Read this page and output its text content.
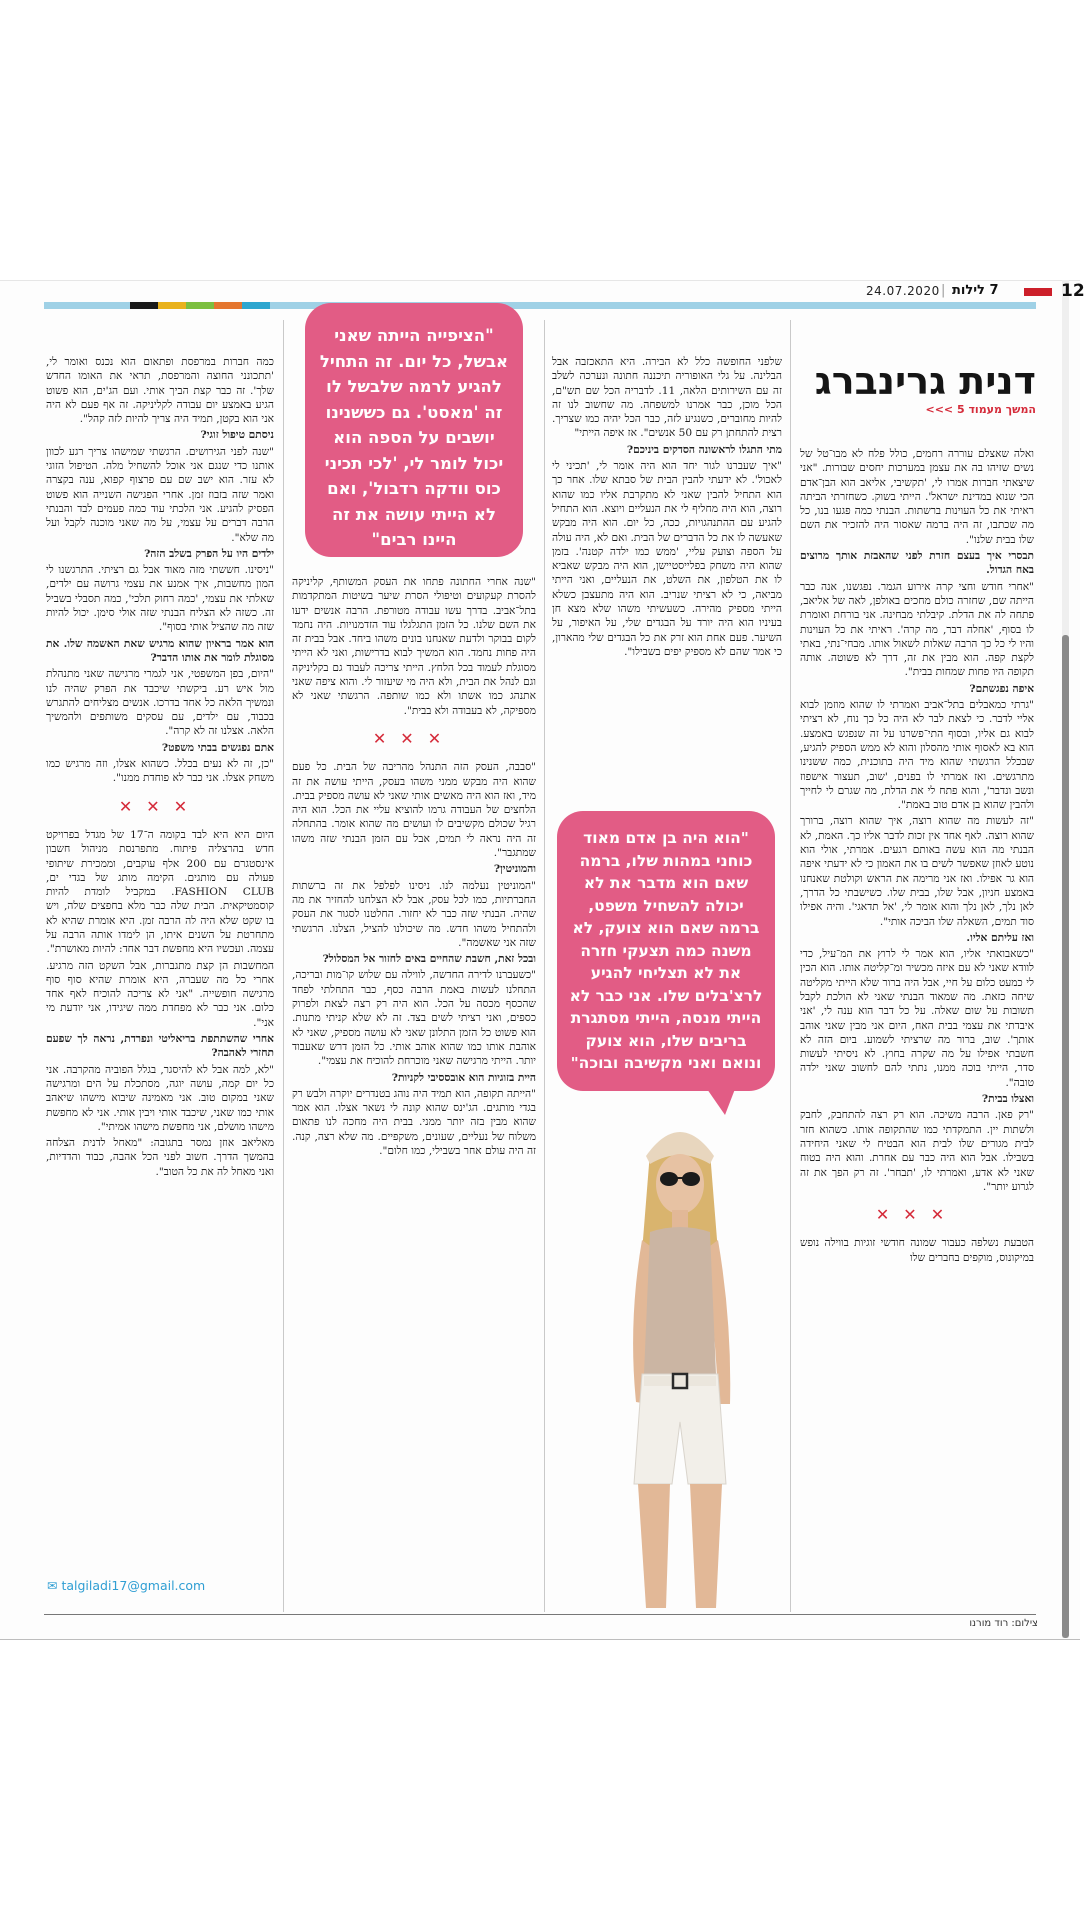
24.07.2020 | 7 לילות	12
דנית גרינברג
המשך מעמוד 5 >>>

ואלה שאצלם עוררה רחמים, כולל פלח לא מבו־טל של נשים שזיהו בה את עצמן במערכות יחסים שבורות. "אני שיצאתי חברות אמרו לי, 'תקשיבי, אליאב הוא הבן־אדם הכי שנוא במדינת ישראל'. הייתי בשוק. כשחזרתי הביתה ראיתי את כל העוינות ברשתות. הבנתי כמה פגעו בנו, כל מה שכתבו, זה היה ברמה שאסור היה להזכיר את השם שלו בבית שלנו".

תבסרי איך בעצם חזרת לפני שהאבזת אותך מרוצים באח הגדול.

"אחרי חודש וחצי קרה אירוע הגמר. נפגשנו, אנה כבר הייתה שם, שחזרה כולם מחכים באולפן, לאה של אליאב, פתחה לה את הדלת. קיבלתי מבחינה. אני בורחת ואומרת לו בסוף, 'אחלה דבר, מה קרה'. ראיתי את כל העוינות והיו לי כל כך הרבה שאלות לשאול אותו. מבחי־נתי, באתי לקצת קפה. הוא מבין את זה, דרך לא פשוטה. אותה תקופה היו פחות שמחות בבית".

איפה נפגשתם?

"גרתי כמאבלים בתל־אביב ואמרתי לו שהוא מוזמן לבוא אליי לדבר. כי לצאת לבר לא היה כל כך נוח, לא רציתי לבוא גם אליו, ובסוף התי־פשרנו על זה שנפגש באמצע. הוא בא לאסוף אותי מהסלון והוא לא ממש הספיק להגיע, שבכלל הרגשתי שהוא מיד היה בתוכנית, כמה ששנינו מתרגשים. ואז אמרתי לו בפנים, 'שוב, תעצור אישפוז ונשב ונדבר', והוא פתח לי את הדלת, מה שגרם לי לחייך ולהבין שהוא בן אדם טוב באמת".

"זה לעשות מה שהוא רוצה, איך שהוא רוצה, ברורך שהוא רוצה. לאף אחד אין זכות לדבר אליו כך. האמת, לא הבנתי מה הוא עשה באותם רגעים. אמרתי, אולי הוא נוטע לאוזן שאפשר לשים בו את האמון כי לא ידעתי איפה הוא גר אפילו. ואז אני מרימה את הראש וקולטת שאנחנו באמצע חניון, אבל שלו, בבית שלו. כשישבתי כל הדרך, לאן נלך, לאן נלך והוא אומר לי, 'אל תדאגי'. והיה אפילו סוד תמים, השאלה שלו הביכה אותי".

ואז עליתם אליו.

"כשאבואתי אליו, הוא אמר לי לרוץ את המ־עיל, כדי לוודא שאני לא עם איזה מכשיר ומ־קליטה אותו. הוא הכין לי כמעט כלום על חיי, אבל היה ברור שלא הייתי מקליטה שיחה כזאת. מה שמאוד הבנתי שאני לא הולכת לקבל תשובות על שום שאלה. על כל דבר הוא ענה לי, 'אני איבדתי את עצמי בבית האח, היום אני מבין שאני אוהב אותך'. שוב, ברור מה שרציתי לשמוע. ביום הזה לא חשבתי אפילו על מה שקרה בחוץ. לא ניסיתי לעשות סדר, הייתי בוכה ממנו, נתתי להם לחשוב שאני ילדה טובה".

ואצלו בבית?

"רק פאן. הרבה משיכה. הוא רק רצה להתחבק, לחבק ולשתות יין. התמקדתי כמו שהתקופה אותו. כשהוא חזר לבית מגורים שלו לבית הוא הבטיח לי שאני היחידה בשבילו. אבל הוא היה כבר עם אחרת. והוא היה בטוח שאני לא אדע, ואמרתי לו, 'תבחר'. זה רק הפך את זה לגרוע יותר".

✕✕✕

הטבעת נשלפה כעבור שמונה חודשי זוגיות בווילה נופש במיקונוס, מוקפים בחברים שלו

שלפני החופשה כלל לא הבירה. היא התאכזבה אבל הבלינה. על גלי האופוריה תיכננה חתונה ונערכה לשלב זה עם השירותים הלאה, 11. לדבריה הכל שם תש"ם, הכל מוכן, כבר אמרנו למשפחה. מה שחשוב לנו זה להיות מחוברים, כשנגיע לזה, כבר הכל יהיה כמו שצריך. רצית להתחתן רק עם 50 אנשים". אז איפה הייתי"

מתי התגלו לראשונה הסדקים ביניכם?

"איך שעברנו לגור יחד הוא היה אומר לי, 'תכיני לי לאכול'. לא ידעתי להבין הבית של סבתא שלו. אחר כך הוא התחיל להבין שאני לא מתקרבת אליו כמו שהוא רוצה, הוא היה מחליף לי את הנעליים ויוצא. הוא התחיל להגיע עם ההתנהגויות, ככה, כל יום. הוא היה מבקש שאעשה לו את כל הדברים של הבית. ואם לא, היה עולה על הספה וצועק עליי, 'ממש כמו ילדה קטנה'. בזמן שהוא היה משחק בפלייסטיישן, הוא היה מבקש שאביא לו את הטלפון, את השלט, את הנעליים, ואני הייתי מביאה, כי לא רציתי שנריב. הוא היה מתעצבן כשלא הייתי מספיק מהירה. כשעשיתי משהו שלא מצא חן בעיניו הוא היה יורד על הבגדים שלי, על האיפור, על השיער. פעם אחת הוא זרק את כל הבגדים שלי מהארון, כי אמר שהם לא מספיק יפים בשבילו".

"שנה אחרי החתונה פתחו את העסק המשותף, קליניקה להסרת קעקועים וטיפולי הסרת שיער בשיטות המתקדמות בתל־אביב. בדרך עשו עבודה מטורפת. הרבה אנשים ידעו את השם שלנו. כל הזמן התגלגלו עוד הזדמנויות. היה נחמד לקום בבוקר ולדעת שאנחנו בונים משהו ביחד. אבל בבית זה היה פחות נחמד. הוא המשיך לבוא בדרישות, ואני לא הייתי מסוגלת לעמוד בכל הלחץ. הייתי צריכה לעבוד גם בקליניקה וגם לנהל את הבית, ולא היה מי שיעזור לי. והוא ציפה שאני אתנהג כמו אשתו ולא כמו שותפה. הרגשתי שאני לא מספיקה, לא בעבודה ולא בבית".

✕✕✕

"סבבה, העסק הזה התנהל מהריבה של הבית. כל פעם שהוא היה מבקש ממני משהו בעסק, הייתי עושה את זה מיד, ואז הוא היה מאשים אותי שאני לא עושה מספיק בבית. הלחצים של העבודה גרמו להוציא עליי את הכל. הוא היה רגיל שכולם מקשיבים לו ועושים מה שהוא אומר. בהתחלה זה היה נראה לי תמים, אבל עם הזמן הבנתי שזה משהו שמתגבר".

והמוניטין?

"המוניטין נעלמה לנו. ניסינו לפלפל את זה ברשתות החברתיות, כמו לכל עסק, אבל לא הצלחנו להחזיר את מה שהיה. הבנתי שזה כבר לא יחזור. החלטנו לסגור את העסק ולהתחיל משהו חדש. מה שיכולנו להציל, הצלנו. הרגשתי שזה אני שאשמה".

ובכל זאת, חשבת שהחיים באים לחזור אל המסלול?

"כשעברנו לדירה החדשה, לווילה עם שלוש קו־מות ובריכה, התחלנו לעשות באמת הרבה כסף, כבר התחלתי לפחד שהכסף מכסה על הכל. הוא היה רק רצה לצאת ולפרוק כספים, ואני רציתי לשים בצד. זה לא שלא קניתי מתנות. הוא פשוט כל הזמן התלונן שאני לא עושה מספיק, שאני לא אוהבת אותו כמו שהוא אוהב אותי. כל הזמן דרש שאעבוד יותר. הייתי מרגישה שאני מוכרחת להוכיח את עצמי".

היית בזוגיות הוא אובססיבי לקניות?

"הייתה תקופה, הוא תמיד היה נוהג בטנדרים יוקרה ולבש רק בגדי מותגים. הג'ינס שהוא קונה לי נשאר אצלו. הוא אמר שהוא מבין בזה יותר ממני. בבית היה מחכה לנו פתאום משלוח של נעליים, שעונים, משקפיים. מה שלא רצה, קנה. זה היה עולם אחר בשבילי, כמו חלום".

כמה חברות במרפסת ופתאום הוא נכנס ואומר לי, 'תתכונני החוצה והמרפסת, תראי את האומו החדש שלך'. זה כבר קצת הביך אותי. ועם הג'ים, הוא פשוט הגיע באמצע יום עבודה לקליניקה. זה אף פעם לא היה אני הוא בקטן, תמיד היה צריך להיות לזה קהל".

ניסתם טיפול זוגי?

"שנה לפני הגירושים. הרגשתי שמישהו צריך רגע לכוון אותנו כדי שנגם אני אוכל להשחיל מלה. הטיפול הזוגי לא עזר. הוא ישב שם עם פרצוף קפוא, ענה בקצרה ואמר שזה בזבוז זמן. אחרי הפגישה השנייה הוא פשוט הפסיק להגיע. אני הלכתי עוד כמה פעמים לבד והבנתי הרבה דברים על עצמי, על מה שאני מוכנה לקבל ועל מה שלא".

ילדים היו על הפרק בשלב הזה?

"ניסינו. חששתי מזה מאוד אבל גם רציתי. התרגשנו לי המון מחשבות, איך אמנע את עצמי גרושה עם ילדים, שאלתי את עצמי, 'כמה רחוק תלכי', כמה תסבלי בשביל זה. כשזה לא הצליח הבנתי שזה אולי סימן. יכול להיות שזה מה שהציל אותי בסוף".

הוא אמר בראיון שהוא מרגיש שאת האשמה שלו. את מסוגלת לומר את אותו הדבר?

"היום, בפן המשפטי, אני לגמרי מרגישה שאני מתנהלת מול איש רע. ביקשתי שיכבד את הפרק שהיה לנו ונמשיך הלאה כל אחד בדרכו. אנשים מצליחים להתגרש בכבוד, עם ילדים, עם עסקים משותפים ולהמשיך הלאה. אצלנו זה לא קרה".

אתם נפגשים בבתי משפט?

"כן, זה לא נעים בכלל. כשהוא אצלו, וזה מרגיש כמו משחק אצלו. אני כבר לא פוחדת ממנו".

✕✕✕

היום היא היא לבד בקומה ה־17 של מגדל בפרויקט חדש בהרצליה פיתוח. מתפרנסת מניהול חשבון אינסטגרם עם 200 אלף עוקבים, וממכירת שיתופי פעולה עם מותגים. הקימה מותג של בגדי ים, FASHION CLUB. במקביל לומדת להיות קוסמטיקאית. הבית שלה כבר מלא בחפצים שלה, ויש בו שקט שלא היה לה הרבה זמן. היא אומרת שהיא לא מתחרטת על השנים איתו, הן לימדו אותה הרבה על עצמה. ועכשיו היא מחפשת דבר אחד: להיות מאושרת".

המחשבות הן קצת מתגברות, אבל השקט הזה מרגיע. אחרי כל מה שעברה, היא אומרת שהיא סוף סוף מרגישה חופשייה. "אני לא צריכה להוכיח לאף אחד כלום. אני כבר לא מפחדת ממה שיגידו, אני יודעת מי אני".

אחרי שהשתתפת בריאליטי ונפרדת, נראה לך שפעם תחזרי לאהבה?

"לא, למה אבל לא להיסגר, בגלל הפוביה מהקרבה. אני כל יום קמה, עושה יוגה, מסתכלת על הים ומרגישה שאני במקום טוב. אני מאמינה שיבוא מישהו שיאהב אותי כמו שאני, שיכבד אותי ויבין אותי. אני לא מחפשת מישהו מושלם, אני מחפשת מישהו אמיתי".

מאליאב אוזן נמסר בתגובה: "מאחל לדנית הצלחה בהמשך הדרך. חשוב לפני הכל אהבה, כבוד והדדיות, ואני מאחל לה את כל הטוב".

"הציפייה הייתה שאני אבשל, כל יום. זה התחיל להגיע לרמה שלבשל לו זה 'מאסט'. גם כששנינו יושבים על הספה הוא יכול לומר לי, 'לכי תכיני כוס וודקה רדבול', ואם לא הייתי עושה את זה היינו רבים"
"הוא היה בן אדם מאוד כוחני במהות שלו, ברמה שאם הוא מדבר את לא יכולה להשחיל משפט, ברמה שאם הוא צועק, לא משנה כמה תצעקי חזרה את לא תצליחי להגיע לרצ'בלים שלו. אני כבר לא הייתי מנסה, הייתי מסתגרת בריבים שלו, הוא צועק ונואם ואני מקשיבה ובוכה"
✉ talgiladi17@gmail.com
צילום: רוד מורנו
